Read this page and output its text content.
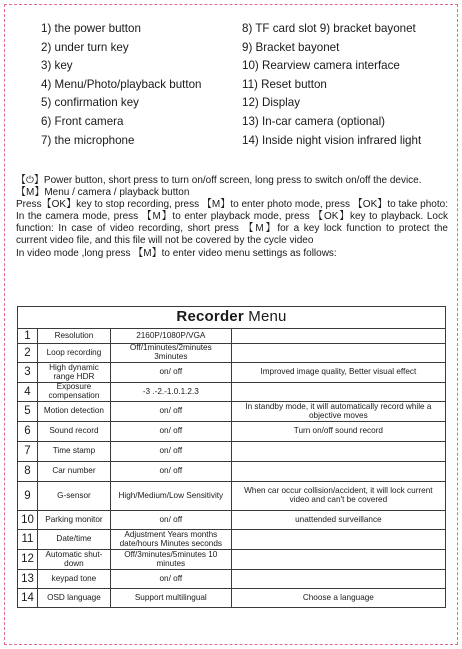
1) the power button
2) under turn key
3) key
4) Menu/Photo/playback button
5) confirmation key
6) Front camera
7) the microphone
8) TF card slot 9) bracket bayonet
9) Bracket bayonet
10) Rearview camera interface
11) Reset button
12) Display
13) In-car camera (optional)
14) Inside night vision infrared light

【⏻】Power button, short press to turn on/off screen, long press to switch on/off the device.

【M】Menu / camera / playback button

Press【OK】key to stop recording, press 【M】to enter photo mode, press 【OK】to take photo: In the camera mode, press 【M】to enter playback mode, press 【OK】key to playback. Lock function: In case of video recording, short press 【M】for a key lock function to protect the current video file, and this file will not be covered by the cycle video

In video mode ,long press 【M】to enter video menu settings as follows:

Recorder Menu			
1	Resolution	2160P/1080P/VGA	
2	Loop recording	Off/1minutes/2minutes 3minutes	
3	High dynamic range HDR	on/ off	Improved image quality, Better visual effect
4	Exposure compensation	-3 .-2.-1.0.1.2.3	
5	Motion detection	on/ off	In standby mode, it will automatically record while a objective moves
6	Sound record	on/ off	Turn on/off sound record
7	Time stamp	on/ off	
8	Car number	on/ off	
9	G-sensor	High/Medium/Low Sensitivity	When car occur collision/accident, it will lock current video and can't be covered
10	Parking monitor	on/ off	unattended surveillance
11	Date/time	Adjustment Years months date/hours Minutes seconds	
12	Automatic shut-down	Off/3minutes/5minutes 10 minutes	
13	keypad tone	on/ off	
14	OSD language	Support multilingual	Choose a language
